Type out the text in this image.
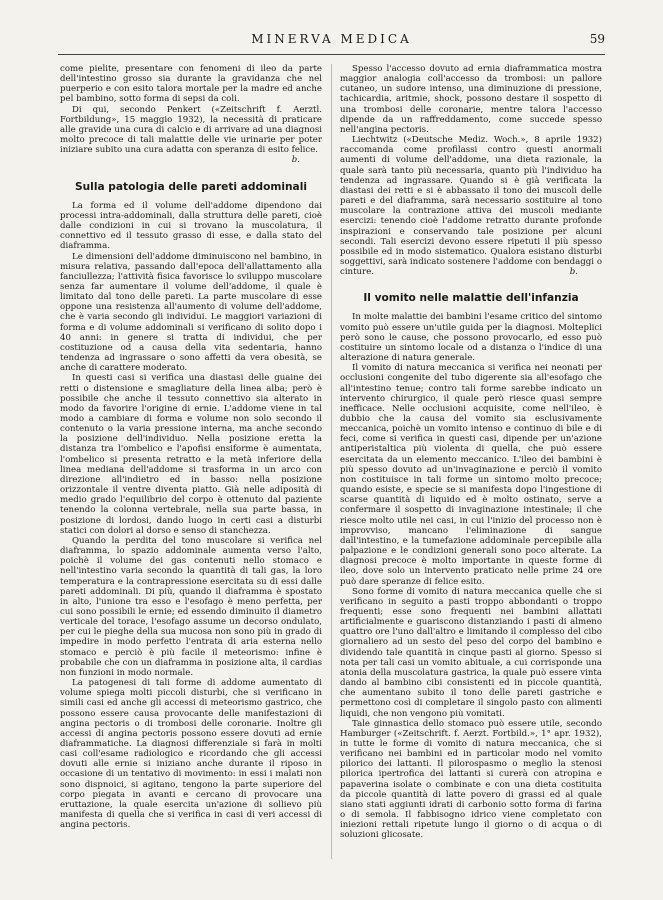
MINERVA MEDICA	59

come pielite, presentare con fenomeni di ileo da parte dell'intestino grosso sia durante la gravidanza che nel puerperio e con esito talora mortale per la madre ed anche pel bambino, sotto forma di sepsi da coli.

Di qui, secondo Penkert («Zeitschrift f. Aerztl. Fortbildung», 15 maggio 1932), la necessità di praticare alle gravide una cura di calcio e di arrivare ad una diagnosi molto precoce di tali malattie delle vie urinarie per poter iniziare subito una cura adatta con speranza di esito felice.

b.
Sulla patologia delle pareti addominali

La forma ed il volume dell'addome dipendono dai processi intra-addominali, dalla struttura delle pareti, cioè dalle condizioni in cui si trovano la muscolatura, il connettivo ed il tessuto grasso di esse, e dalla stato del diaframma.

Le dimensioni dell'addome diminuiscono nel bambino, in misura relativa, passando dall'epoca dell'allattamento alla fanciullezza; l'attività fisica favorisce lo sviluppo muscolare senza far aumentare il volume dell'addome, il quale è limitato dal tono delle pareti. La parte muscolare di esse oppone una resistenza all'aumento di volume dell'addome, che è varia secondo gli individui. Le maggiori variazioni di forma e di volume addominali si verificano di solito dopo i 40 anni: in genere si tratta di individui, che per costituzione od a causa della vita sedentaria, hanno tendenza ad ingrassare o sono affetti da vera obesità, se anche di carattere moderato.

In questi casi si verifica una diastasi delle guaine dei retti o distensione e smagliature della linea alba; però è possibile che anche il tessuto connettivo sia alterato in modo da favorire l'origine di ernie. L'addome viene in tal modo a cambiare di forma e volume non solo secondo il contenuto o la varia pressione interna, ma anche secondo la posizione dell'individuo. Nella posizione eretta la distanza tra l'ombelico e l'apofisi ensiforme è aumentata, l'ombelico si presenta retratto e la metà inferiore della linea mediana dell'addome si trasforma in un arco con direzione all'indietro ed in basso: nella posizione orizzontale il ventre diventa piatto. Già nelle adiposità di medio grado l'equilibrio del corpo è ottenuto dal paziente tenendo la colonna vertebrale, nella sua parte bassa, in posizione di lordosi, dando luogo in certi casi a disturbi statici con dolori al dorso e senso di stanchezza.

Quando la perdita del tono muscolare si verifica nel diaframma, lo spazio addominale aumenta verso l'alto, poichè il volume dei gas contenuti nello stomaco e nell'intestino varia secondo la quantità di tali gas, la loro temperatura e la contrapressione esercitata su di essi dalle pareti addominali. Di più, quando il diaframma è spostato in alto, l'unione tra esso e l'esofago è meno perfetta, per cui sono possibili le ernie; ed essendo diminuito il diametro verticale del torace, l'esofago assume un decorso ondulato, per cui le pieghe della sua mucosa non sono più in grado di impedire in modo perfetto l'entrata di aria esterna nello stomaco e perciò è più facile il meteorismo: infine è probabile che con un diaframma in posizione alta, il cardias non funzioni in modo normale.

La patogenesi di tali forme di addome aumentato di volume spiega molti piccoli disturbi, che si verificano in simili casi ed anche gli accessi di meteorismo gastrico, che possono essere causa provocante delle manifestazioni di angina pectoris o di trombosi delle coronarie. Inoltre gli accessi di angina pectoris possono essere dovuti ad ernie diaframmatiche. La diagnosi differenziale si farà in molti casi coll'esame radiologico e ricordando che gli accessi dovuti alle ernie si iniziano anche durante il riposo in occasione di un tentativo di movimento: in essi i malati non sono dispnoici, si agitano, tengono la parte superiore del corpo piegata in avanti e cercano di provocare una eruttazione, la quale esercita un'azione di sollievo più manifesta di quella che si verifica in casi di veri accessi di angina pectoris.

Spesso l'accesso dovuto ad ernia diaframmatica mostra maggior analogia coll'accesso da trombosi: un pallore cutaneo, un sudore intenso, una diminuzione di pressione, tachicardia, aritmie, shock, possono destare il sospetto di una trombosi delle coronarie, mentre talora l'accesso dipende da un raffreddamento, come succede spesso nell'angina pectoris.

Liechtwitz («Deutsche Mediz. Woch.», 8 aprile 1932) raccomanda come profilassi contro questi anormali aumenti di volume dell'addome, una dieta razionale, la quale sarà tanto più necessaria, quanto più l'individuo ha tendenza ad ingrassare. Quando si è già verificata la diastasi dei retti e si è abbassato il tono dei muscoli delle pareti e del diaframma, sarà necessario sostituire al tono muscolare la contrazione attiva dei muscoli mediante esercizi: tenendo cioè l'addome retratto durante profonde inspirazioni e conservando tale posizione per alcuni secondi. Tali esercizi devono essere ripetuti il più spesso possibile ed in modo sistematico. Qualora esistano disturbi soggettivi, sarà indicato sostenere l'addome con bendaggi o cinture.	b.

Il vomito nelle malattie dell'infanzia

In molte malattie dei bambini l'esame critico del sintomo vomito può essere un'utile guida per la diagnosi. Molteplici però sono le cause, che possono provocarlo, ed esso può costituire un sintomo locale od a distanza o l'indice di una alterazione di natura generale.

Il vomito di natura meccanica si verifica nei neonati per occlusioni congenite del tubo digerente sia all'esofago che all'intestino tenue; contro tali forme sarebbe indicato un intervento chirurgico, il quale però riesce quasi sempre inefficace. Nelle occlusioni acquisite, come nell'ileo, è dubbio che la causa del vomito sia esclusivamente meccanica, poichè un vomito intenso e continuo di bile e di feci, come si verifica in questi casi, dipende per un'azione antiperistaltica più violenta di quella, che può essere esercitata da un elemento meccanico. L'ileo dei bambini è più spesso dovuto ad un'invaginazione e perciò il vomito non costituisce in tali forme un sintomo molto precoce; quando esiste, e specie se si manifesta dopo l'ingestione di scarse quantità di liquido ed è molto ostinato, serve a confermare il sospetto di invaginazione intestinale; il che riesce molto utile nei casi, in cui l'inizio del processo non è improvviso, mancano l'eliminazione di sangue dall'intestino, e la tumefazione addominale percepibile alla palpazione e le condizioni generali sono poco alterate. La diagnosi precoce è molto importante in queste forme di ileo, dove solo un intervento praticato nelle prime 24 ore può dare speranze di felice esito.

Sono forme di vomito di natura meccanica quelle che si verificano in seguito a pasti troppo abbondanti o troppo frequenti; esse sono frequenti nei bambini allattati artificialmente e guariscono distanziando i pasti di almeno quattro ore l'uno dall'altro e limitando il complesso del cibo giornaliero ad un sesto del peso del corpo del bambino e dividendo tale quantità in cinque pasti al giorno. Spesso si nota per tali casi un vomito abituale, a cui corrisponde una atonia della muscolatura gastrica, la quale può essere vinta dando al bambino cibi consistenti ed in piccole quantità, che aumentano subito il tono delle pareti gastriche e permettono così di completare il singolo pasto con alimenti liquidi, che non vengono più vomitati.

Tale ginnastica dello stomaco può essere utile, secondo Hamburger («Zeitschrift. f. Aerzt. Fortbild.», 1° apr. 1932), in tutte le forme di vomito di natura meccanica, che si verificano nei bambini ed in particolar modo nel vomito pilorico dei lattanti. Il pilorospasmo o meglio la stenosi pilorica ipertrofica dei lattanti si curerà con atropina e papaverina isolate o combinate e con una dieta costituita da piccole quantità di latte povero di grassi ed al quale siano stati aggiunti idrati di carbonio sotto forma di farina o di semola. Il fabbisogno idrico viene completato con iniezioni rettali ripetute lungo il giorno o di acqua o di soluzioni glicosate.
